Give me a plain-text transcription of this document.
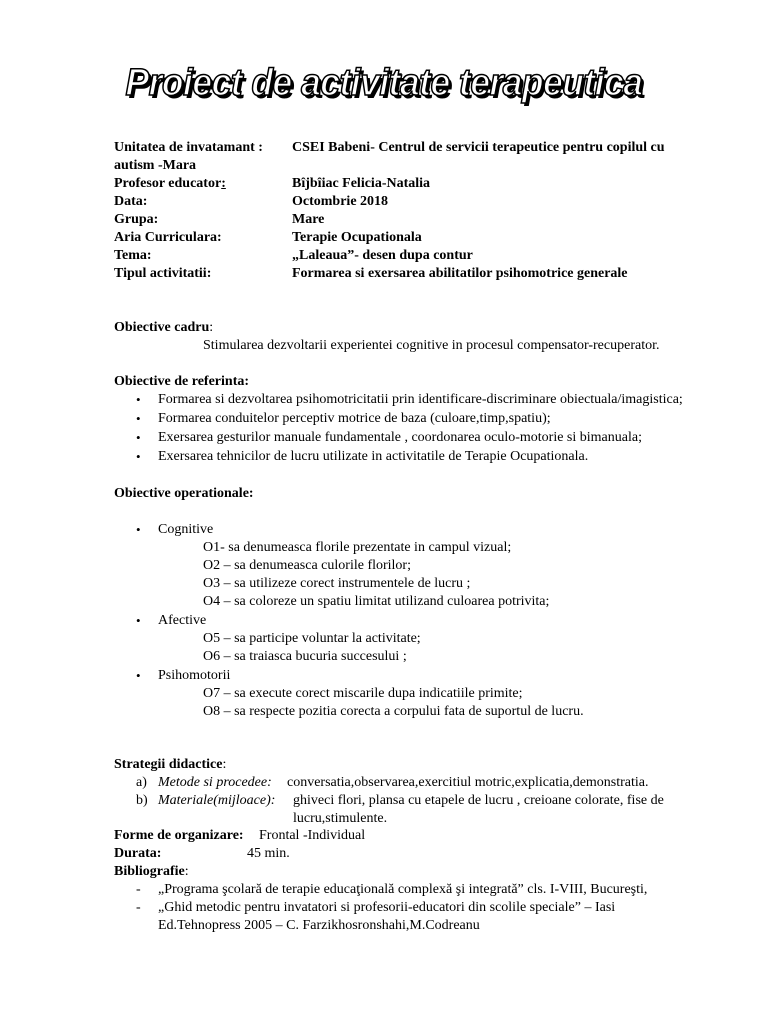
Proiect de activitate terapeutica
Unitatea de invatamant : CSEI Babeni- Centrul de servicii terapeutice pentru copilul cu
autism -Mara
Profesor educator:	Bîjbîiac Felicia-Natalia
Data:	Octombrie 2018
Grupa:	Mare
Aria Curriculara:	Terapie Ocupationala
Tema:	„Laleaua”- desen dupa contur
Tipul activitatii:	Formarea si exersarea abilitatilor psihomotrice generale
Obiective cadru:
Stimularea dezvoltarii experientei cognitive in procesul compensator-recuperator.
Obiective de referinta:
• Formarea si dezvoltarea psihomotricitatii prin identificare-discriminare obiectuala/imagistica;
• Formarea conduitelor perceptiv motrice de baza (culoare,timp,spatiu);
• Exersarea gesturilor manuale fundamentale , coordonarea oculo-motorie si bimanuala;
• Exersarea tehnicilor de lucru utilizate in activitatile de Terapie Ocupationala.
Obiective operationale:
• Cognitive
O1- sa denumeasca florile prezentate in campul vizual;
O2 – sa denumeasca culorile florilor;
O3 – sa utilizeze corect instrumentele de lucru ;
O4 – sa coloreze un spatiu limitat utilizand culoarea potrivita;
• Afective
O5 – sa participe voluntar la activitate;
O6 – sa traiasca bucuria succesului ;
• Psihomotorii
O7 – sa execute corect miscarile dupa indicatiile primite;
O8 – sa respecte pozitia corecta a corpului fata de suportul de lucru.
Strategii didactice:
a) Metode si procedee: conversatia,observarea,exercitiul motric,explicatia,demonstratia.
b) Materiale(mijloace): ghiveci flori, plansa cu etapele de lucru , creioane colorate, fise de
lucru,stimulente.
Forme de organizare: Frontal -Individual
Durata:	45 min.
Bibliografie:
- „Programa şcolară de terapie educaţională complexă şi integrată” cls. I-VIII, Bucureşti,
- „Ghid metodic pentru invatatori si profesorii-educatori din scolile speciale” – Iasi
Ed.Tehnopress 2005 – C. Farzikhosronshahi,M.Codreanu
